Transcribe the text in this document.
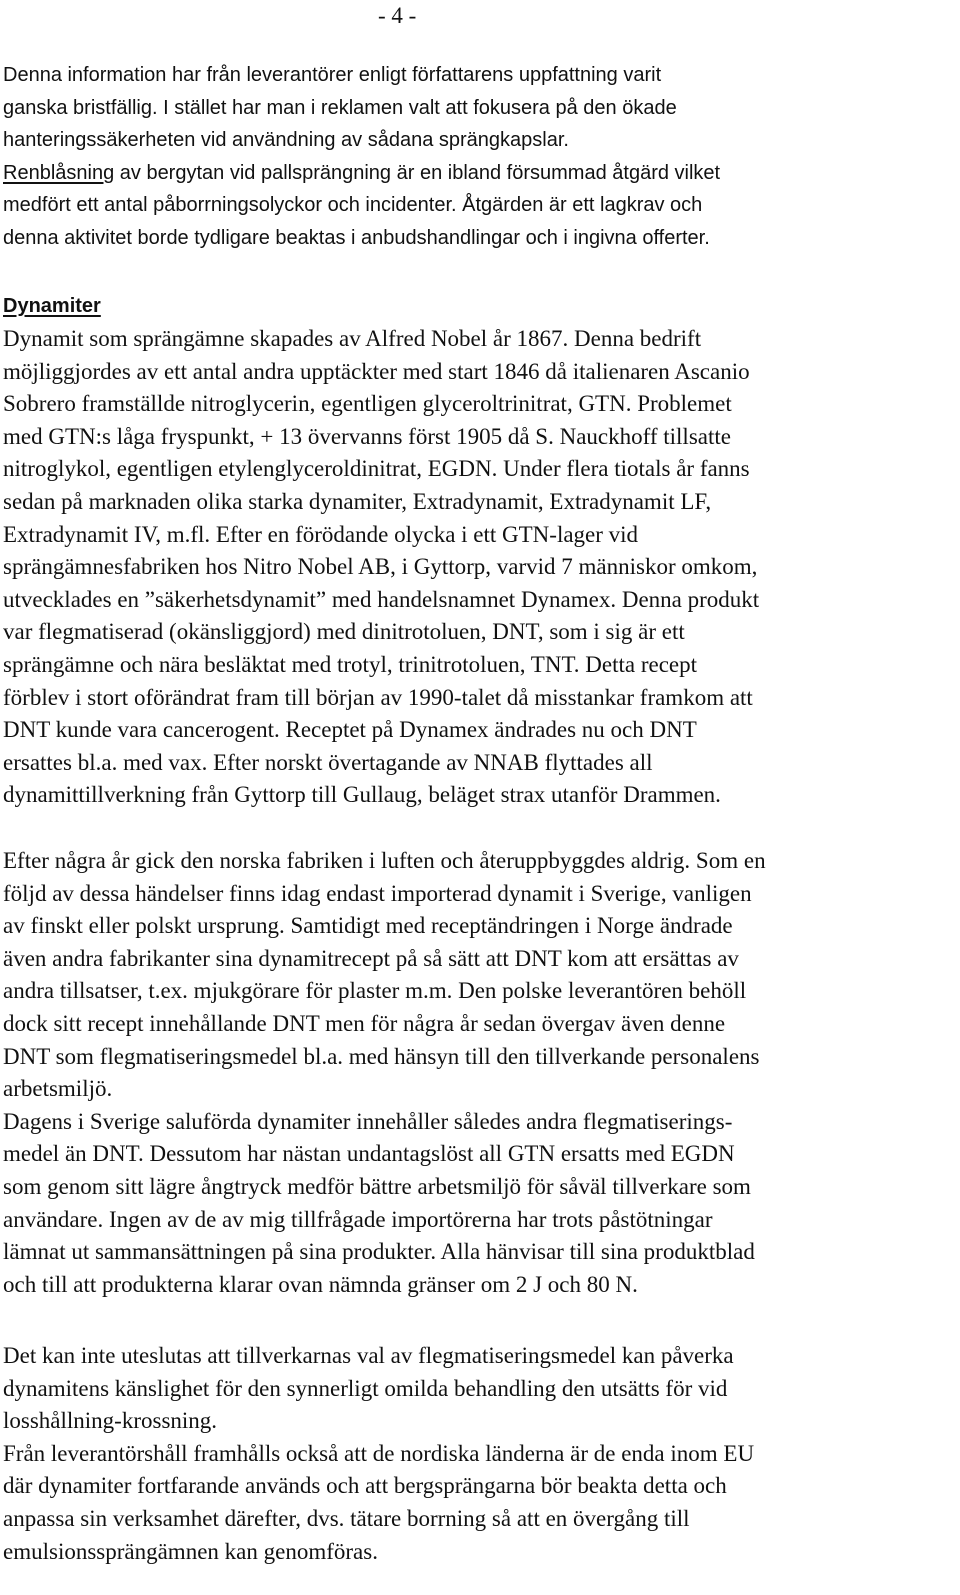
- 4 -
Denna information har från leverantörer enligt författarens uppfattning varit
ganska bristfällig. I stället har man i reklamen valt att fokusera på den ökade
hanteringssäkerheten vid användning av sådana sprängkapslar.
Renblåsning av bergytan vid pallsprängning är en ibland försummad åtgärd vilket
medfört ett antal påborrningsolyckor och incidenter. Åtgärden är ett lagkrav och
denna aktivitet borde tydligare beaktas i anbudshandlingar och i ingivna offerter.
Dynamiter
Dynamit som sprängämne skapades av Alfred Nobel år 1867. Denna bedrift
möjliggjordes av ett antal andra upptäckter med start 1846 då italienaren Ascanio
Sobrero framställde nitroglycerin, egentligen glyceroltrinitrat, GTN. Problemet
med GTN:s låga fryspunkt, + 13 övervanns först 1905 då S. Nauckhoff tillsatte
nitroglykol, egentligen etylenglyceroldinitrat, EGDN. Under flera tiotals år fanns
sedan på marknaden olika starka dynamiter, Extradynamit, Extradynamit LF,
Extradynamit IV, m.fl. Efter en förödande olycka i ett GTN-lager vid
sprängämnesfabriken hos Nitro Nobel AB, i Gyttorp, varvid 7 människor omkom,
utvecklades en ”säkerhetsdynamit” med handelsnamnet Dynamex. Denna produkt
var flegmatiserad (okänsliggjord) med dinitrotoluen, DNT, som i sig är ett
sprängämne och nära besläktat med trotyl, trinitrotoluen, TNT. Detta recept
förblev i stort oförändrat fram till början av 1990-talet då misstankar framkom att
DNT kunde vara cancerogent. Receptet på Dynamex ändrades nu och DNT
ersattes bl.a. med vax. Efter norskt övertagande av NNAB flyttades all
dynamittillverkning från Gyttorp till Gullaug, beläget strax utanför Drammen.
Efter några år gick den norska fabriken i luften och återuppbyggdes aldrig. Som en
följd av dessa händelser finns idag endast importerad dynamit i Sverige, vanligen
av finskt eller polskt ursprung. Samtidigt med receptändringen i Norge ändrade
även andra fabrikanter sina dynamitrecept på så sätt att DNT kom att ersättas av
andra tillsatser, t.ex. mjukgörare för plaster m.m. Den polske leverantören behöll
dock sitt recept innehållande DNT men för några år sedan övergav även denne
DNT som flegmatiseringsmedel bl.a. med hänsyn till den tillverkande personalens
arbetsmiljö.
Dagens i Sverige saluförda dynamiter innehåller således andra flegmatiserings-
medel än DNT. Dessutom har nästan undantagslöst all GTN ersatts med EGDN
som genom sitt lägre ångtryck medför bättre arbetsmiljö för såväl tillverkare som
användare. Ingen av de av mig tillfrågade importörerna har trots påstötningar
lämnat ut sammansättningen på sina produkter. Alla hänvisar till sina produktblad
och till att produkterna klarar ovan nämnda gränser om 2 J och 80 N.
Det kan inte uteslutas att tillverkarnas val av flegmatiseringsmedel kan påverka
dynamitens känslighet för den synnerligt omilda behandling den utsätts för vid
losshållning-krossning.
Från leverantörshåll framhålls också att de nordiska länderna är de enda inom EU
där dynamiter fortfarande används och att bergsprängarna bör beakta detta och
anpassa sin verksamhet därefter, dvs. tätare borrning så att en övergång till
emulsionssprängämnen kan genomföras.
